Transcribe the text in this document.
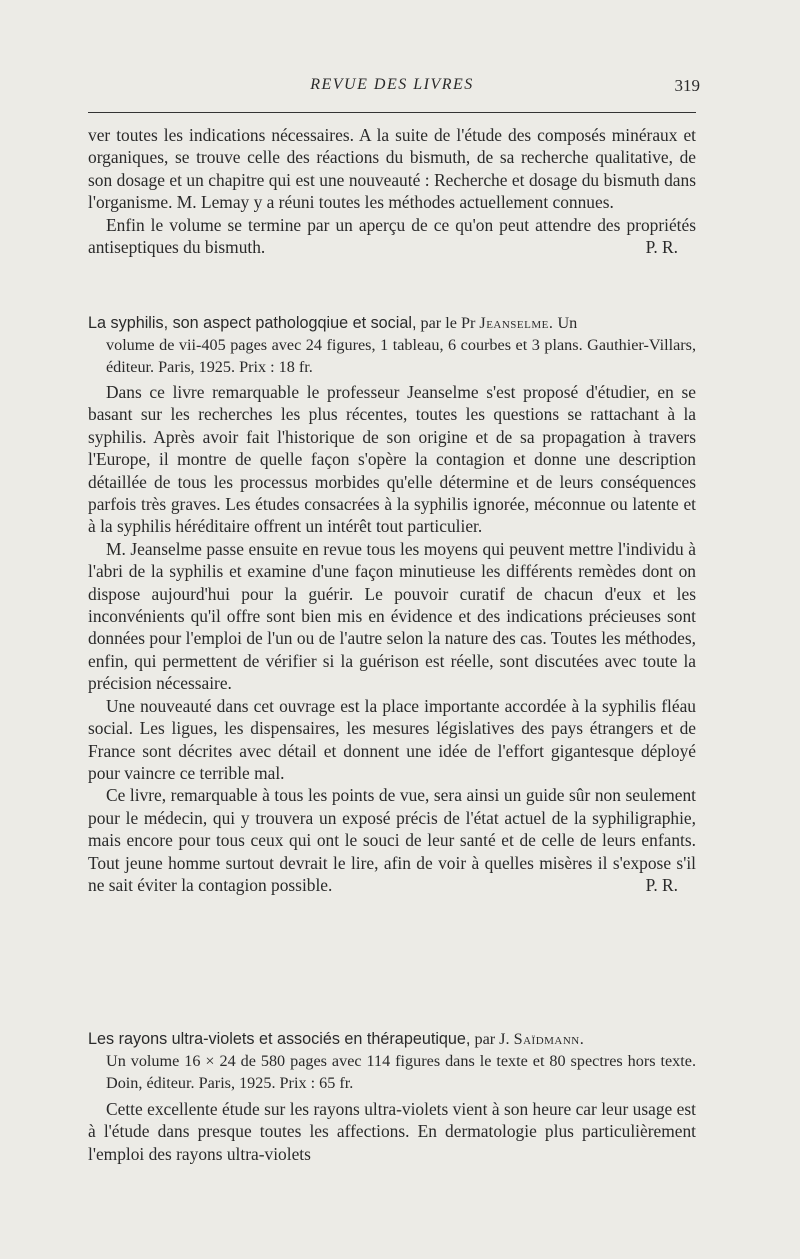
REVUE DES LIVRES	319

ver toutes les indications nécessaires. A la suite de l'étude des composés minéraux et organiques, se trouve celle des réactions du bismuth, de sa recherche qualitative, de son dosage et un chapitre qui est une nouveauté : Recherche et dosage du bismuth dans l'organisme. M. Lemay y a réuni toutes les méthodes actuellement connues.

Enfin le volume se termine par un aperçu de ce qu'on peut attendre des propriétés antiseptiques du bismuth.	P. R.

La syphilis, son aspect pathologqiue et social, par le Pr Jeanselme. Un
volume de vii-405 pages avec 24 figures, 1 tableau, 6 courbes et 3 plans. Gauthier-Villars, éditeur. Paris, 1925. Prix : 18 fr.

Dans ce livre remarquable le professeur Jeanselme s'est proposé d'étudier, en se basant sur les recherches les plus récentes, toutes les questions se rattachant à la syphilis. Après avoir fait l'historique de son origine et de sa propagation à travers l'Europe, il montre de quelle façon s'opère la contagion et donne une description détaillée de tous les processus morbides qu'elle détermine et de leurs conséquences parfois très graves. Les études consacrées à la syphilis ignorée, méconnue ou latente et à la syphilis héréditaire offrent un intérêt tout particulier.

M. Jeanselme passe ensuite en revue tous les moyens qui peuvent mettre l'individu à l'abri de la syphilis et examine d'une façon minutieuse les différents remèdes dont on dispose aujourd'hui pour la guérir. Le pouvoir curatif de chacun d'eux et les inconvénients qu'il offre sont bien mis en évidence et des indications précieuses sont données pour l'emploi de l'un ou de l'autre selon la nature des cas. Toutes les méthodes, enfin, qui permettent de vérifier si la guérison est réelle, sont discutées avec toute la précision nécessaire.

Une nouveauté dans cet ouvrage est la place importante accordée à la syphilis fléau social. Les ligues, les dispensaires, les mesures législatives des pays étrangers et de France sont décrites avec détail et donnent une idée de l'effort gigantesque déployé pour vaincre ce terrible mal.

Ce livre, remarquable à tous les points de vue, sera ainsi un guide sûr non seulement pour le médecin, qui y trouvera un exposé précis de l'état actuel de la syphiligraphie, mais encore pour tous ceux qui ont le souci de leur santé et de celle de leurs enfants. Tout jeune homme surtout devrait le lire, afin de voir à quelles misères il s'expose s'il ne sait éviter la contagion possible.	P. R.

Les rayons ultra-violets et associés en thérapeutique, par J. Saïdmann.
Un volume 16 × 24 de 580 pages avec 114 figures dans le texte et 80 spectres hors texte. Doin, éditeur. Paris, 1925. Prix : 65 fr.

Cette excellente étude sur les rayons ultra-violets vient à son heure car leur usage est à l'étude dans presque toutes les affections. En dermatologie plus particulièrement l'emploi des rayons ultra-violets
